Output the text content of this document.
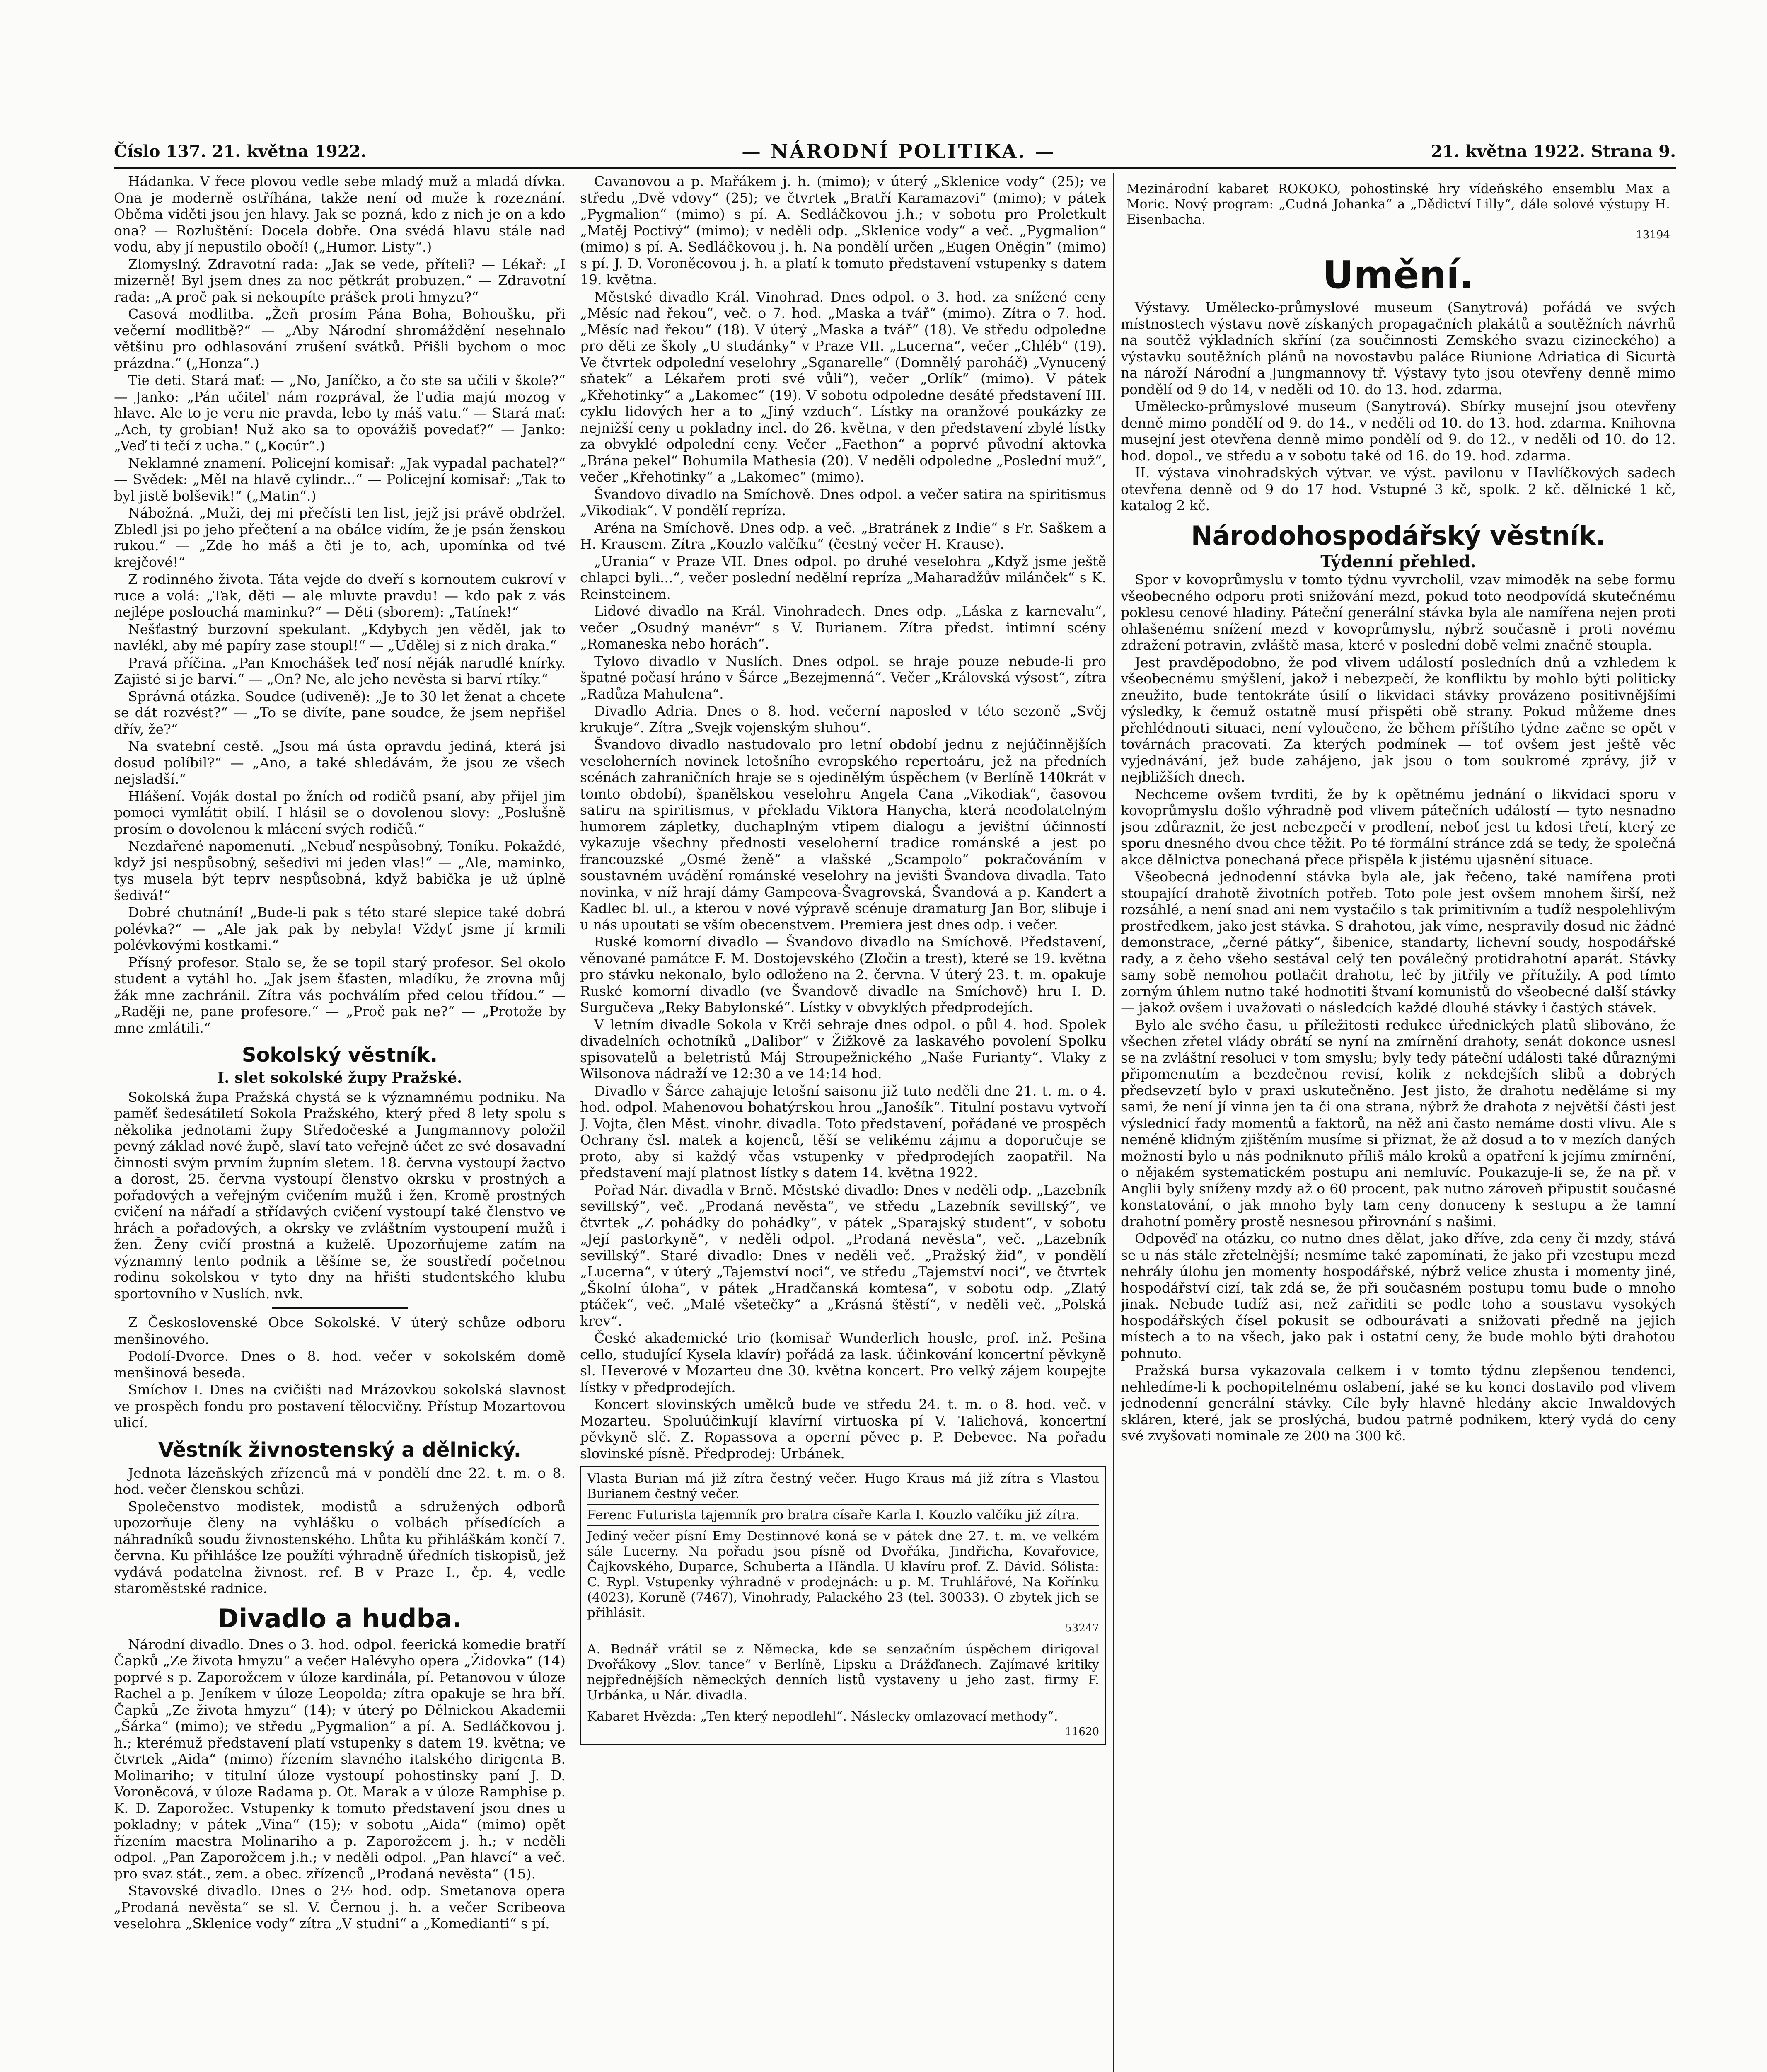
Číslo 137. 21. května 1922.	— NÁRODNÍ POLITIKA. —	21. května 1922. Strana 9.

Hádanka. V řece plovou vedle sebe mladý muž a mladá dívka. Ona je moderně ostříhána, takže není od muže k rozeznání. Oběma viděti jsou jen hlavy. Jak se pozná, kdo z nich je on a kdo ona? — Rozluštění: Docela dobře. Ona svédá hlavu stále nad vodu, aby jí nepustilo obočí! („Humor. Listy“.)

Zlomyslný. Zdravotní rada: „Jak se vede, příteli? — Lékař: „I mizerně! Byl jsem dnes za noc pětkrát probuzen.“ — Zdravotní rada: „A proč pak si nekoupíte prášek proti hmyzu?“

Casová modlitba. „Žeň prosím Pána Boha, Bohoušku, při večerní modlitbě?“ — „Aby Národní shromáždění nesehnalo většinu pro odhlasování zrušení svátků. Přišli bychom o moc prázdna.“ („Honza“.)

Tie deti. Stará mať: — „No, Janíčko, a čo ste sa učili v škole?“ — Janko: „Pán učitel' nám rozprával, že l'udia majú mozog v hlave. Ale to je veru nie pravda, lebo ty máš vatu.“ — Stará mať: „Ach, ty grobian! Nuž ako sa to opovážiš povedať?“ — Janko: „Veď ti tečí z ucha.“ („Kocúr“.)

Neklamné znamení. Policejní komisař: „Jak vypadal pachatel?“ — Svědek: „Měl na hlavě cylindr...“ — Policejní komisař: „Tak to byl jistě bolševik!“ („Matin“.)

Nábožná. „Muži, dej mi přečísti ten list, jejž jsi právě obdržel. Zbledl jsi po jeho přečtení a na obálce vidím, že je psán ženskou rukou.“ — „Zde ho máš a čti je to, ach, upomínka od tvé krejčové!“

Z rodinného života. Táta vejde do dveří s kornoutem cukroví v ruce a volá: „Tak, děti — ale mluvte pravdu! — kdo pak z vás nejlépe poslouchá maminku?“ — Děti (sborem): „Tatínek!“

Nešťastný burzovní spekulant. „Kdybych jen věděl, jak to navlékl, aby mé papíry zase stoupl!“ — „Udělej si z nich draka.“

Pravá příčina. „Pan Kmochášek teď nosí něják narudlé knírky. Zajisté si je barví.“ — „On? Ne, ale jeho nevěsta si barví rtíky.“

Správná otázka. Soudce (udiveně): „Je to 30 let ženat a chcete se dát rozvést?“ — „To se divíte, pane soudce, že jsem nepřišel dřív, že?“

Na svatební cestě. „Jsou má ústa opravdu jediná, která jsi dosud políbil?“ — „Ano, a také shledávám, že jsou ze všech nejsladší.“

Hlášení. Voják dostal po žních od rodičů psaní, aby přijel jim pomoci vymlátit obilí. I hlásil se o dovolenou slovy: „Poslušně prosím o dovolenou k mlácení svých rodičů.“

Nezdařené napomenutí. „Nebuď nespůsobný, Toníku. Pokaždé, když jsi nespůsobný, sešedivi mi jeden vlas!“ — „Ale, maminko, tys musela být teprv nespůsobná, když babička je už úplně šedivá!“

Dobré chutnání! „Bude-li pak s této staré slepice také dobrá polévka?“ — „Ale jak pak by nebyla! Vždyť jsme jí krmili polévkovými kostkami.“

Přísný profesor. Stalo se, že se topil starý profesor. Sel okolo student a vytáhl ho. „Jak jsem šťasten, mladíku, že zrovna můj žák mne zachránil. Zítra vás pochválím před celou třídou.“ — „Raději ne, pane profesore.“ — „Proč pak ne?“ — „Protože by mne zmlátili.“

Sokolský věstník.

I. slet sokolské župy Pražské.

Sokolská župa Pražská chystá se k významnému podniku. Na paměť šedesátiletí Sokola Pražského, který před 8 lety spolu s několika jednotami župy Středočeské a Jungmannovy položil pevný základ nové župě, slaví tato veřejně účet ze své dosavadní činnosti svým prvním župním sletem. 18. června vystoupí žactvo a dorost, 25. června vystoupí členstvo okrsku v prostných a pořadových a veřejným cvičením mužů i žen. Kromě prostných cvičení na nářadí a střídavých cvičení vystoupí také členstvo ve hrách a pořadových, a okrsky ve zvláštním vystoupení mužů i žen. Ženy cvičí prostná a kuželě. Upozorňujeme zatím na významný tento podnik a těšíme se, že soustředí početnou rodinu sokolskou v tyto dny na hřišti studentského klubu sportovního v Nuslích. nvk.

Z Československé Obce Sokolské. V úterý schůze odboru menšinového.

Podolí-Dvorce. Dnes o 8. hod. večer v sokolském domě menšinová beseda.

Smíchov I. Dnes na cvičišti nad Mrázovkou sokolská slavnost ve prospěch fondu pro postavení tělocvičny. Přístup Mozartovou ulicí.

Věstník živnostenský a dělnický.

Jednota lázeňských zřízenců má v pondělí dne 22. t. m. o 8. hod. večer členskou schůzi.

Společenstvo modistek, modistů a sdružených odborů upozorňuje členy na vyhlášku o volbách přísedících a náhradníků soudu živnostenského. Lhůta ku přihláškám končí 7. června. Ku přihlášce lze použíti výhradně úředních tiskopisů, jež vydává podatelna živnost. ref. B v Praze I., čp. 4, vedle staroměstské radnice.

Divadlo a hudba.

Národní divadlo. Dnes o 3. hod. odpol. feerická komedie bratří Čapků „Ze života hmyzu“ a večer Halévyho opera „Židovka“ (14) poprvé s p. Zaporožcem v úloze kardinála, pí. Petanovou v úloze Rachel a p. Jeníkem v úloze Leopolda; zítra opakuje se hra bří. Čapků „Ze života hmyzu“ (14); v úterý po Dělnickou Akademii „Šárka“ (mimo); ve středu „Pygmalion“ a pí. A. Sedláčkovou j. h.; kterémuž představení platí vstupenky s datem 19. května; ve čtvrtek „Aida“ (mimo) řízením slavného italského dirigenta B. Molinariho; v titulní úloze vystoupí pohostinsky paní J. D. Voroněcová, v úloze Radama p. Ot. Marak a v úloze Ramphise p. K. D. Zaporožec. Vstupenky k tomuto představení jsou dnes u pokladny; v pátek „Vina“ (15); v sobotu „Aida“ (mimo) opět řízením maestra Molinariho a p. Zaporožcem j. h.; v neděli odpol. „Pan Zaporožcem j.h.; v neděli odpol. „Pan hlavcí“ a več. pro svaz stát., zem. a obec. zřízenců „Prodaná nevěsta“ (15).

Stavovské divadlo. Dnes o 2½ hod. odp. Smetanova opera „Prodaná nevěsta“ se sl. V. Černou j. h. a večer Scribeova veselohra „Sklenice vody“ zítra „V studni“ a „Komedianti“ s pí.

Cavanovou a p. Mařákem j. h. (mimo); v úterý „Sklenice vody“ (25); ve středu „Dvě vdovy“ (25); ve čtvrtek „Bratří Karamazovi“ (mimo); v pátek „Pygmalion“ (mimo) s pí. A. Sedláčkovou j.h.; v sobotu pro Proletkult „Matěj Poctivý“ (mimo); v neděli odp. „Sklenice vody“ a več. „Pygmalion“ (mimo) s pí. A. Sedláčkovou j. h. Na pondělí určen „Eugen Oněgin“ (mimo) s pí. J. D. Voroněcovou j. h. a platí k tomuto představení vstupenky s datem 19. května.

Městské divadlo Král. Vinohrad. Dnes odpol. o 3. hod. za snížené ceny „Měsíc nad řekou“, več. o 7. hod. „Maska a tvář“ (mimo). Zítra o 7. hod. „Měsíc nad řekou“ (18). V úterý „Maska a tvář“ (18). Ve středu odpoledne pro děti ze školy „U studánky“ v Praze VII. „Lucerna“, večer „Chléb“ (19). Ve čtvrtek odpolední veselohry „Sganarelle“ (Domnělý paroháč) „Vynucený sňatek“ a Lékařem proti své vůli“), večer „Orlík“ (mimo). V pátek „Křehotinky“ a „Lakomec“ (19). V sobotu odpoledne desáté představení III. cyklu lidových her a to „Jiný vzduch“. Lístky na oranžové poukázky ze nejnižší ceny u pokladny incl. do 26. května, v den představení zbylé lístky za obvyklé odpolední ceny. Večer „Faethon“ a poprvé původní aktovka „Brána pekel“ Bohumila Mathesia (20). V neděli odpoledne „Poslední muž“, večer „Křehotinky“ a „Lakomec“ (mimo).

Švandovo divadlo na Smíchově. Dnes odpol. a večer satira na spiritismus „Vikodiak“. V pondělí repríza.

Aréna na Smíchově. Dnes odp. a več. „Bratránek z Indie“ s Fr. Saškem a H. Krausem. Zítra „Kouzlo valčíku“ (čestný večer H. Krause).

„Urania“ v Praze VII. Dnes odpol. po druhé veselohra „Když jsme ještě chlapci byli...“, večer poslední nedělní repríza „Maharadžův milánček“ s K. Reinsteinem.

Lidové divadlo na Král. Vinohradech. Dnes odp. „Láska z karnevalu“, večer „Osudný manévr“ s V. Burianem. Zítra předst. intimní scény „Romaneska nebo horách“.

Tylovo divadlo v Nuslích. Dnes odpol. se hraje pouze nebude-li pro špatné počasí hráno v Šárce „Bezejmenná“. Večer „Královská výsost“, zítra „Radůza Mahulena“.

Divadlo Adria. Dnes o 8. hod. večerní naposled v této sezoně „Svěj krukuje“. Zítra „Svejk vojenským sluhou“.

Švandovo divadlo nastudovalo pro letní období jednu z nejúčinnějších veseloherních novinek letošního evropského repertoáru, jež na předních scénách zahraničních hraje se s ojedinělým úspěchem (v Berlíně 140krát v tomto období), španělskou veselohru Angela Cana „Vikodiak“, časovou satiru na spiritismus, v překladu Viktora Hanycha, která neodolatelným humorem zápletky, duchaplným vtipem dialogu a jevištní účinností vykazuje všechny přednosti veseloherní tradice románské a jest po francouzské „Osmé ženě“ a vlašské „Scampolo“ pokračováním v soustavném uvádění románské veselohry na jevišti Švandova divadla. Tato novinka, v níž hrají dámy Gampeova-Švagrovská, Švandová a p. Kandert a Kadlec bl. ul., a kterou v nové výpravě scénuje dramaturg Jan Bor, slibuje i u nás upoutati se vším obecenstvem. Premiera jest dnes odp. i večer.

Ruské komorní divadlo — Švandovo divadlo na Smíchově. Představení, věnované památce F. M. Dostojevského (Zločin a trest), které se 19. května pro stávku nekonalo, bylo odloženo na 2. června. V úterý 23. t. m. opakuje Ruské komorní divadlo (ve Švandově divadle na Smíchově) hru I. D. Surgučeva „Reky Babylonské“. Lístky v obvyklých předprodejích.

V letním divadle Sokola v Krči sehraje dnes odpol. o půl 4. hod. Spolek divadelních ochotníků „Dalibor“ v Žižkově za laskavého povolení Spolku spisovatelů a beletristů Máj Stroupežnického „Naše Furianty“. Vlaky z Wilsonova nádraží ve 12:30 a ve 14:14 hod.

Divadlo v Šárce zahajuje letošní saisonu již tuto neděli dne 21. t. m. o 4. hod. odpol. Mahenovou bohatýrskou hrou „Janošík“. Titulní postavu vytvoří J. Vojta, člen Měst. vinohr. divadla. Toto představení, pořádané ve prospěch Ochrany čsl. matek a kojenců, těší se velikému zájmu a doporučuje se proto, aby si každý včas vstupenky v předprodejích zaopatřil. Na představení mají platnost lístky s datem 14. května 1922.

Pořad Nár. divadla v Brně. Městské divadlo: Dnes v neděli odp. „Lazebník sevillský“, več. „Prodaná nevěsta“, ve středu „Lazebník sevillský“, ve čtvrtek „Z pohádky do pohádky“, v pátek „Sparajský student“, v sobotu „Její pastorkyně“, v neděli odpol. „Prodaná nevěsta“, več. „Lazebník sevillský“. Staré divadlo: Dnes v neděli več. „Pražský žid“, v pondělí „Lucerna“, v úterý „Tajemství noci“, ve středu „Tajemství noci“, ve čtvrtek „Školní úloha“, v pátek „Hradčanská komtesa“, v sobotu odp. „Zlatý ptáček“, več. „Malé všetečky“ a „Krásná štěstí“, v neděli več. „Polská krev“.

České akademické trio (komisař Wunderlich housle, prof. inž. Pešina cello, studující Kysela klavír) pořádá za lask. účinkování koncertní pěvkyně sl. Heverové v Mozarteu dne 30. května koncert. Pro velký zájem koupejte lístky v předprodejích.

Koncert slovinských umělců bude ve středu 24. t. m. o 8. hod. več. v Mozarteu. Spoluúčinkují klavírní virtuoska pí V. Talichová, koncertní pěvkyně slč. Z. Ropassova a operní pěvec p. P. Debevec. Na pořadu slovinské písně. Předprodej: Urbánek.

Vlasta Burian má již zítra čestný večer. Hugo Kraus má již zítra s Vlastou Burianem čestný večer.
Ferenc Futurista tajemník pro bratra císaře Karla I. Kouzlo valčíku již zítra.
Jediný večer písní Emy Destinnové koná se v pátek dne 27. t. m. ve velkém sále Lucerny. Na pořadu jsou písně od Dvořáka, Jindřicha, Kovařovice, Čajkovského, Duparce, Schuberta a Händla. U klavíru prof. Z. Dávid. Sólista: C. Rypl. Vstupenky výhradně v prodejnách: u p. M. Truhlářové, Na Kořínku (4023), Koruně (7467), Vinohrady, Palackého 23 (tel. 30033). O zbytek jich se přihlásit.
53247
A. Bednář vrátil se z Německa, kde se senzačním úspěchem dirigoval Dvořákovy „Slov. tance“ v Berlíně, Lipsku a Drážďanech. Zajímavé kritiky nejpřednějších německých denních listů vystaveny u jeho zast. firmy F. Urbánka, u Nár. divadla.
Kabaret Hvězda: „Ten který nepodlehl“. Náslecky omlazovací methody“.
11620
Mezinárodní kabaret ROKOKO, pohostinské hry vídeňského ensemblu Max a Moric. Nový program: „Cudná Johanka“ a „Dědictví Lilly“, dále solové výstupy H. Eisenbacha.
13194

Umění.

Výstavy. Umělecko-průmyslové museum (Sanytrová) pořádá ve svých místnostech výstavu nově získaných propagačních plakátů a soutěžních návrhů na soutěž výkladních skříní (za součinnosti Zemského svazu cizineckého) a výstavku soutěžních plánů na novostavbu paláce Riunione Adriatica di Sicurtà na nároží Národní a Jungmannovy tř. Výstavy tyto jsou otevřeny denně mimo pondělí od 9 do 14, v neděli od 10. do 13. hod. zdarma.

Umělecko-průmyslové museum (Sanytrová). Sbírky musejní jsou otevřeny denně mimo pondělí od 9. do 14., v neděli od 10. do 13. hod. zdarma. Knihovna musejní jest otevřena denně mimo pondělí od 9. do 12., v neděli od 10. do 12. hod. dopol., ve středu a v sobotu také od 16. do 19. hod. zdarma.

II. výstava vinohradských výtvar. ve výst. pavilonu v Havlíčkových sadech otevřena denně od 9 do 17 hod. Vstupné 3 kč, spolk. 2 kč. dělnické 1 kč, katalog 2 kč.

Národohospodářský věstník.

Týdenní přehled.

Spor v kovoprůmyslu v tomto týdnu vyvrcholil, vzav mimoděk na sebe formu všeobecného odporu proti snižování mezd, pokud toto neodpovídá skutečnému poklesu cenové hladiny. Páteční generální stávka byla ale namířena nejen proti ohlašenému snížení mezd v kovoprůmyslu, nýbrž současně i proti novému zdražení potravin, zvláště masa, které v poslední době velmi značně stoupla.

Jest pravděpodobno, že pod vlivem událostí posledních dnů a vzhledem k všeobecnému smýšlení, jakož i nebezpečí, že konfliktu by mohlo býti politicky zneužito, bude tentokráte úsilí o likvidaci stávky provázeno positivnějšími výsledky, k čemuž ostatně musí přispěti obě strany. Pokud můžeme dnes přehlédnouti situaci, není vyloučeno, že během příštího týdne začne se opět v továrnách pracovati. Za kterých podmínek — toť ovšem jest ještě věc vyjednávání, jež bude zahájeno, jak jsou o tom soukromé zprávy, již v nejbližších dnech.

Nechceme ovšem tvrditi, že by k opětnému jednání o likvidaci sporu v kovoprůmyslu došlo výhradně pod vlivem pátečních událostí — tyto nesnadno jsou zdůraznit, že jest nebezpečí v prodlení, neboť jest tu kdosi třetí, který ze sporu dnesného dvou chce těžit. Po té formální stránce zdá se tedy, že společná akce dělnictva ponechaná přece přispěla k jistému ujasnění situace.

Všeobecná jednodenní stávka byla ale, jak řečeno, také namířena proti stoupající drahotě životních potřeb. Toto pole jest ovšem mnohem širší, než rozsáhlé, a není snad ani nem vystačilo s tak primitivním a tudíž nespolehlivým prostředkem, jako jest stávka. S drahotou, jak víme, nespravily dosud nic žádné demonstrace, „černé pátky“, šibenice, standarty, lichevní soudy, hospodářské rady, a z čeho všeho sestával celý ten poválečný protidrahotní aparát. Stávky samy sobě nemohou potlačit drahotu, leč by jitřily ve přítužily. A pod tímto zorným úhlem nutno také hodnotiti štvaní komunistů do všeobecné další stávky — jakož ovšem i uvažovati o následcích každé dlouhé stávky i častých stávek.

Bylo ale svého času, u příležitosti redukce úřednických platů slibováno, že všechen zřetel vlády obrátí se nyní na zmírnění drahoty, senát dokonce usnesl se na zvláštní resoluci v tom smyslu; byly tedy páteční události také důraznými připomenutím a bezdečnou revisí, kolik z nekdejších slibů a dobrých předsevzetí bylo v praxi uskutečněno. Jest jisto, že drahotu neděláme si my sami, že není jí vinna jen ta či ona strana, nýbrž že drahota z největší části jest výslednicí řady momentů a faktorů, na něž ani často nemáme dosti vlivu. Ale s neméně klidným zjištěním musíme si přiznat, že až dosud a to v mezích daných možností bylo u nás podniknuto příliš málo kroků a opatření k jejímu zmírnění, o nějakém systematickém postupu ani nemluvíc. Poukazuje-li se, že na př. v Anglii byly sníženy mzdy až o 60 procent, pak nutno zároveň připustit současné konstatování, o jak mnoho byly tam ceny donuceny k sestupu a že tamní drahotní poměry prostě nesnesou přirovnání s našimi.

Odpověď na otázku, co nutno dnes dělat, jako dříve, zda ceny či mzdy, stává se u nás stále zřetelnější; nesmíme také zapomínati, že jako při vzestupu mezd nehrály úlohu jen momenty hospodářské, nýbrž velice zhusta i momenty jiné, hospodářství cizí, tak zdá se, že při současném postupu tomu bude o mnoho jinak. Nebude tudíž asi, než zařiditi se podle toho a soustavu vysokých hospodářských čísel pokusit se odbourávati a snižovati předně na jejich místech a to na všech, jako pak i ostatní ceny, že bude mohlo býti drahotou pohnuto.

Pražská bursa vykazovala celkem i v tomto týdnu zlepšenou tendenci, nehledíme-li k pochopitelnému oslabení, jaké se ku konci dostavilo pod vlivem jednodenní generální stávky. Cíle byly hlavně hledány akcie Inwaldových skláren, které, jak se proslýchá, budou patrně podnikem, který vydá do ceny své zvyšovati nominale ze 200 na 300 kč.
